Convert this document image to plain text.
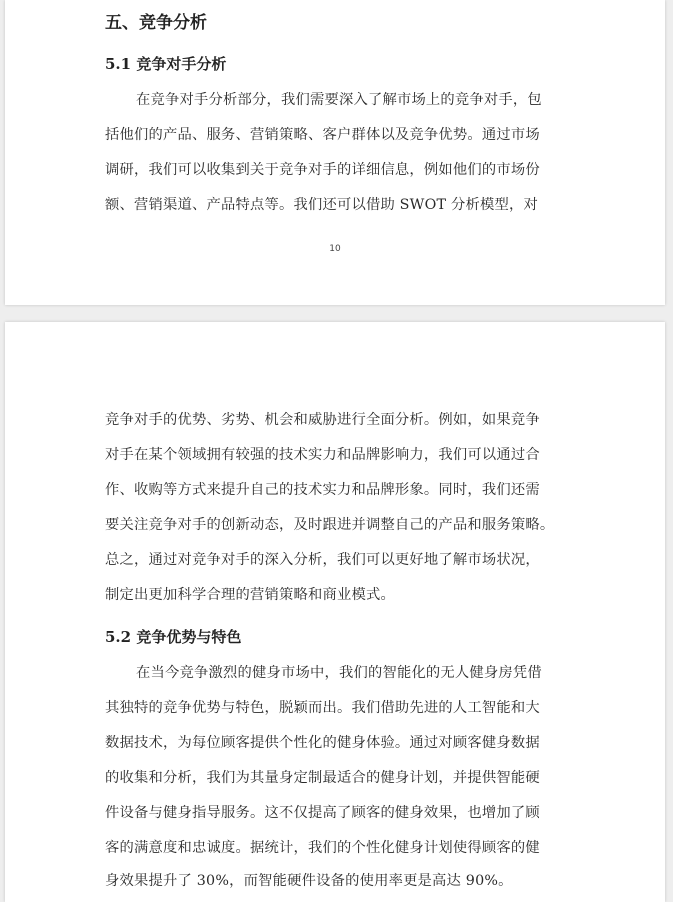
五、竞争分析

5.1 竞争对手分析

在竞争对手分析部分，我们需要深入了解市场上的竞争对手，包

括他们的产品、服务、营销策略、客户群体以及竞争优势。通过市场

调研，我们可以收集到关于竞争对手的详细信息，例如他们的市场份

额、营销渠道、产品特点等。我们还可以借助 SWOT 分析模型，对

10

竞争对手的优势、劣势、机会和威胁进行全面分析。例如，如果竞争

对手在某个领域拥有较强的技术实力和品牌影响力，我们可以通过合

作、收购等方式来提升自己的技术实力和品牌形象。同时，我们还需

要关注竞争对手的创新动态，及时跟进并调整自己的产品和服务策略。

总之，通过对竞争对手的深入分析，我们可以更好地了解市场状况，

制定出更加科学合理的营销策略和商业模式。

5.2 竞争优势与特色

在当今竞争激烈的健身市场中，我们的智能化的无人健身房凭借

其独特的竞争优势与特色，脱颖而出。我们借助先进的人工智能和大

数据技术，为每位顾客提供个性化的健身体验。通过对顾客健身数据

的收集和分析，我们为其量身定制最适合的健身计划，并提供智能硬

件设备与健身指导服务。这不仅提高了顾客的健身效果，也增加了顾

客的满意度和忠诚度。据统计，我们的个性化健身计划使得顾客的健

身效果提升了 30%，而智能硬件设备的使用率更是高达 90%。
